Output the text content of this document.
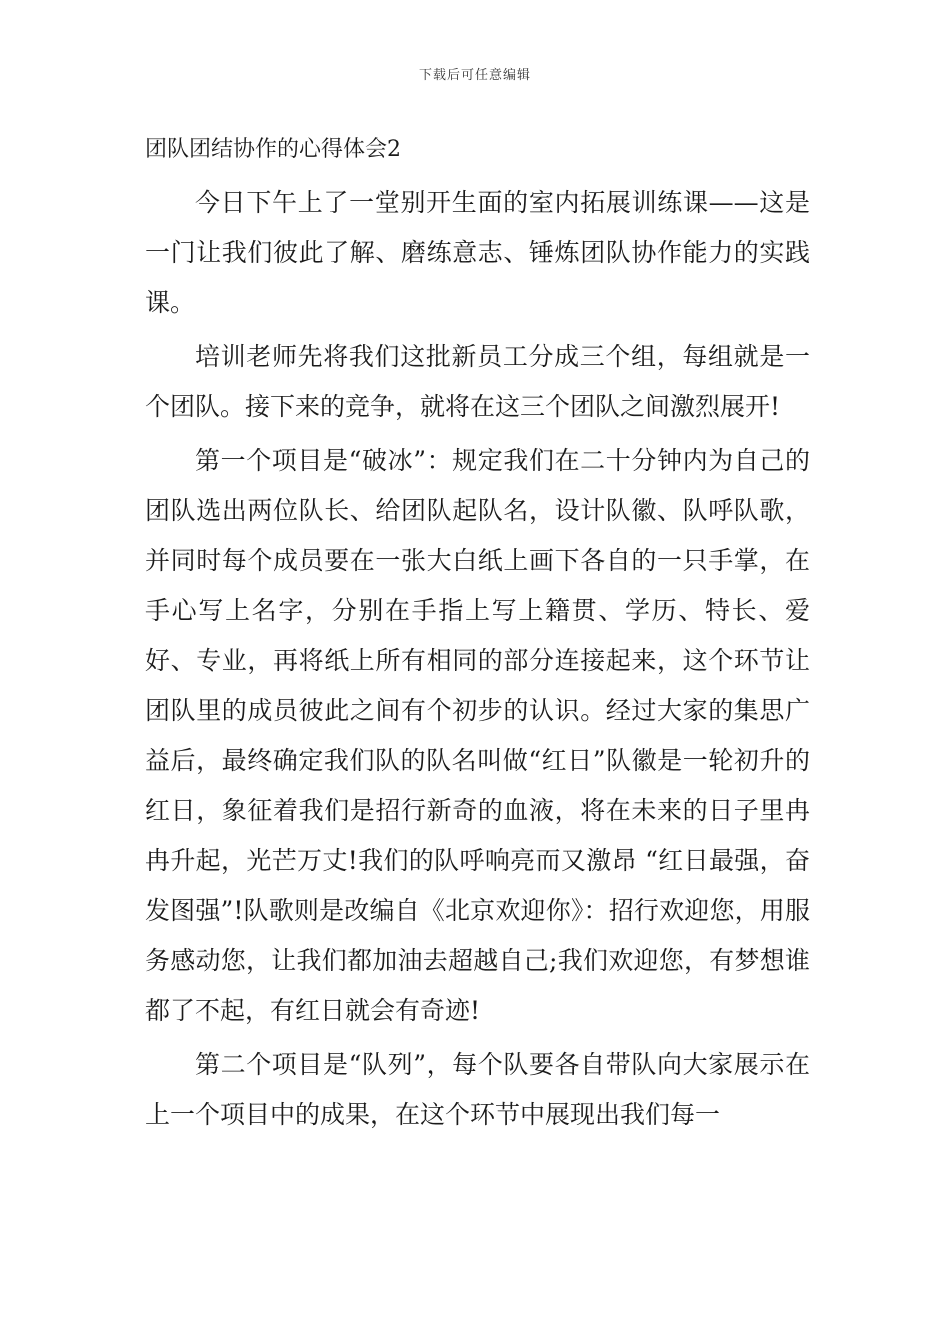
下载后可任意编辑
团队团结协作的心得体会2

今日下午上了一堂别开生面的室内拓展训练课——这是一门让我们彼此了解、磨练意志、锤炼团队协作能力的实践课。

培训老师先将我们这批新员工分成三个组，每组就是一个团队。接下来的竞争，就将在这三个团队之间激烈展开!

第一个项目是“破冰”：规定我们在二十分钟内为自己的团队选出两位队长、给团队起队名，设计队徽、队呼队歌，并同时每个成员要在一张大白纸上画下各自的一只手掌，在手心写上名字，分别在手指上写上籍贯、学历、特长、爱好、专业，再将纸上所有相同的部分连接起来，这个环节让团队里的成员彼此之间有个初步的认识。经过大家的集思广益后，最终确定我们队的队名叫做“红日”队徽是一轮初升的红日，象征着我们是招行新奇的血液，将在未来的日子里冉冉升起，光芒万丈!我们的队呼响亮而又激昂 “红日最强，奋发图强”!队歌则是改编自《北京欢迎你》：招行欢迎您，用服务感动您，让我们都加油去超越自己;我们欢迎您，有梦想谁都了不起，有红日就会有奇迹!

第二个项目是“队列”，每个队要各自带队向大家展示在上一个项目中的成果，在这个环节中展现出我们每一
